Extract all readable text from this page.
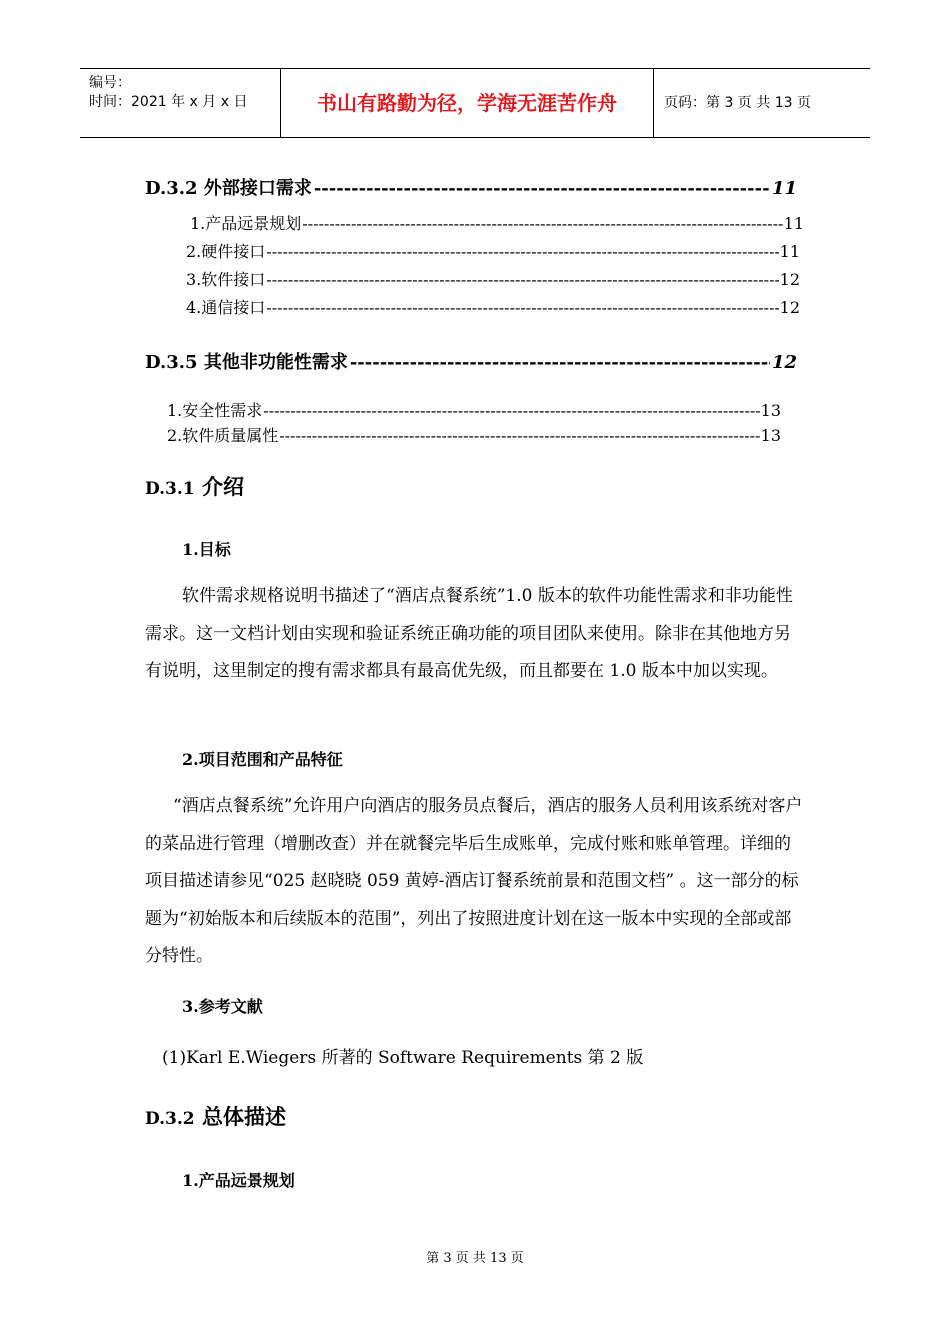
编号：
时间：2021 年 x 月 x 日	书山有路勤为径，学海无涯苦作舟	页码：第 3 页 共 13 页
D.3.2 外部接口需求 -----	11
1.产品远景规划 -----	11
2.硬件接口 -----	11
3.软件接口 -----	12
4.通信接口 -----	12
D.3.5 其他非功能性需求 -----	12
1.安全性需求 -----	13
2.软件质量属性 -----	13
D.3.1 介绍
1.目标
软件需求规格说明书描述了“酒店点餐系统”1.0 版本的软件功能性需求和非功能性需求。这一文档计划由实现和验证系统正确功能的项目团队来使用。除非在其他地方另有说明，这里制定的搜有需求都具有最高优先级，而且都要在 1.0 版本中加以实现。
2.项目范围和产品特征
“酒店点餐系统”允许用户向酒店的服务员点餐后，酒店的服务人员利用该系统对客户的菜品进行管理（增删改查）并在就餐完毕后生成账单，完成付账和账单管理。详细的项目描述请参见“025 赵晓晓 059 黄婷-酒店订餐系统前景和范围文档” 。这一部分的标题为“初始版本和后续版本的范围”，列出了按照进度计划在这一版本中实现的全部或部分特性。
3.参考文献
(1)Karl E.Wiegers 所著的 Software Requirements 第 2 版
D.3.2 总体描述
1.产品远景规划
第 3 页 共 13 页
